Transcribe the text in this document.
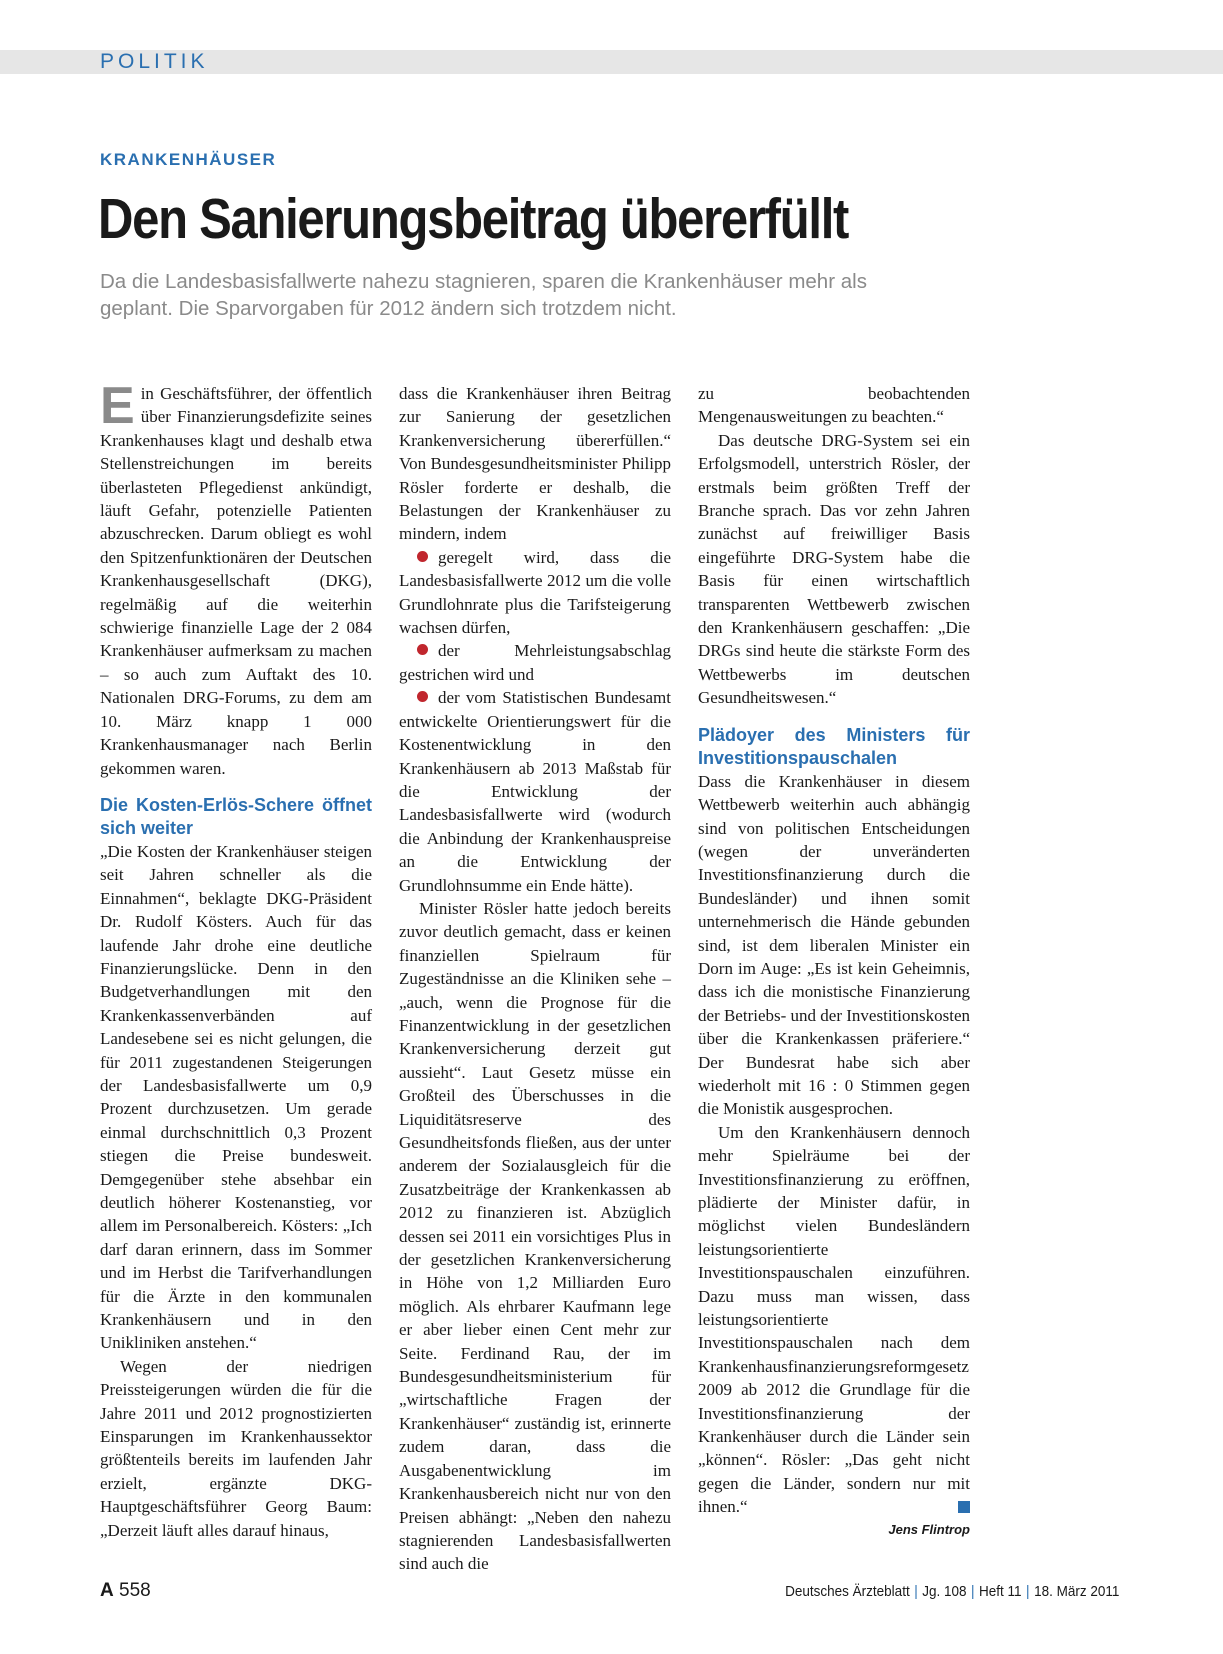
POLITIK
KRANKENHÄUSER
Den Sanierungsbeitrag übererfüllt
Da die Landesbasisfallwerte nahezu stagnieren, sparen die Krankenhäuser mehr als geplant. Die Sparvorgaben für 2012 ändern sich trotzdem nicht.

Ein Geschäftsführer, der öffentlich über Finanzierungsdefizite seines Krankenhauses klagt und deshalb etwa Stellenstreichungen im bereits überlasteten Pflegedienst ankündigt, läuft Gefahr, potenzielle Patienten abzuschrecken. Darum obliegt es wohl den Spitzenfunktionären der Deutschen Krankenhausgesellschaft (DKG), regelmäßig auf die weiterhin schwierige finanzielle Lage der 2 084 Krankenhäuser aufmerksam zu machen – so auch zum Auftakt des 10. Nationalen DRG-Forums, zu dem am 10. März knapp 1 000 Krankenhausmanager nach Berlin gekommen waren.

Die Kosten-Erlös-Schere öffnet sich weiter

„Die Kosten der Krankenhäuser steigen seit Jahren schneller als die Einnahmen“, beklagte DKG-Präsident Dr. Rudolf Kösters. Auch für das laufende Jahr drohe eine deutliche Finanzierungslücke. Denn in den Budgetverhandlungen mit den Krankenkassenverbänden auf Landesebene sei es nicht gelungen, die für 2011 zugestandenen Steigerungen der Landesbasisfallwerte um 0,9 Prozent durchzusetzen. Um gerade einmal durchschnittlich 0,3 Prozent stiegen die Preise bundesweit. Demgegenüber stehe absehbar ein deutlich höherer Kostenanstieg, vor allem im Personalbereich. Kösters: „Ich darf daran erinnern, dass im Sommer und im Herbst die Tarifverhandlungen für die Ärzte in den kommunalen Krankenhäusern und in den Unikliniken anstehen.“

Wegen der niedrigen Preissteigerungen würden die für die Jahre 2011 und 2012 prognostizierten Einsparungen im Krankenhaussektor größtenteils bereits im laufenden Jahr erzielt, ergänzte DKG-Hauptgeschäftsführer Georg Baum: „Derzeit läuft alles darauf hinaus,

dass die Krankenhäuser ihren Beitrag zur Sanierung der gesetzlichen Krankenversicherung übererfüllen.“ Von Bundesgesundheitsminister Philipp Rösler forderte er deshalb, die Belastungen der Krankenhäuser zu mindern, indem

geregelt wird, dass die Landesbasisfallwerte 2012 um die volle Grundlohnrate plus die Tarifsteigerung wachsen dürfen,

der Mehrleistungsabschlag gestrichen wird und

der vom Statistischen Bundesamt entwickelte Orientierungswert für die Kostenentwicklung in den Krankenhäusern ab 2013 Maßstab für die Entwicklung der Landesbasisfallwerte wird (wodurch die Anbindung der Krankenhauspreise an die Entwicklung der Grundlohnsumme ein Ende hätte).

Minister Rösler hatte jedoch bereits zuvor deutlich gemacht, dass er keinen finanziellen Spielraum für Zugeständnisse an die Kliniken sehe – „auch, wenn die Prognose für die Finanzentwicklung in der gesetzlichen Krankenversicherung derzeit gut aussieht“. Laut Gesetz müsse ein Großteil des Überschusses in die Liquiditätsreserve des Gesundheitsfonds fließen, aus der unter anderem der Sozialausgleich für die Zusatzbeiträge der Krankenkassen ab 2012 zu finanzieren ist. Abzüglich dessen sei 2011 ein vorsichtiges Plus in der gesetzlichen Krankenversicherung in Höhe von 1,2 Milliarden Euro möglich. Als ehrbarer Kaufmann lege er aber lieber einen Cent mehr zur Seite. Ferdinand Rau, der im Bundesgesundheitsministerium für „wirtschaftliche Fragen der Krankenhäuser“ zuständig ist, erinnerte zudem daran, dass die Ausgabenentwicklung im Krankenhausbereich nicht nur von den Preisen abhängt: „Neben den nahezu stagnierenden Landesbasisfallwerten sind auch die

zu beobachtenden Mengenausweitungen zu beachten.“

Das deutsche DRG-System sei ein Erfolgsmodell, unterstrich Rösler, der erstmals beim größten Treff der Branche sprach. Das vor zehn Jahren zunächst auf freiwilliger Basis eingeführte DRG-System habe die Basis für einen wirtschaftlich transparenten Wettbewerb zwischen den Krankenhäusern geschaffen: „Die DRGs sind heute die stärkste Form des Wettbewerbs im deutschen Gesundheitswesen.“

Plädoyer des Ministers für Investitionspauschalen

Dass die Krankenhäuser in diesem Wettbewerb weiterhin auch abhängig sind von politischen Entscheidungen (wegen der unveränderten Investitionsfinanzierung durch die Bundesländer) und ihnen somit unternehmerisch die Hände gebunden sind, ist dem liberalen Minister ein Dorn im Auge: „Es ist kein Geheimnis, dass ich die monistische Finanzierung der Betriebs- und der Investitionskosten über die Krankenkassen präferiere.“ Der Bundesrat habe sich aber wiederholt mit 16 : 0 Stimmen gegen die Monistik ausgesprochen.

Um den Krankenhäusern dennoch mehr Spielräume bei der Investitionsfinanzierung zu eröffnen, plädierte der Minister dafür, in möglichst vielen Bundesländern leistungsorientierte Investitionspauschalen einzuführen. Dazu muss man wissen, dass leistungsorientierte Investitionspauschalen nach dem Krankenhausfinanzierungsreformgesetz 2009 ab 2012 die Grundlage für die Investitionsfinanzierung der Krankenhäuser durch die Länder sein „können“. Rösler: „Das geht nicht gegen die Länder, sondern nur mit ihnen.“

Jens Flintrop
A 558	Deutsches Ärzteblatt | Jg. 108 | Heft 11 | 18. März 2011
